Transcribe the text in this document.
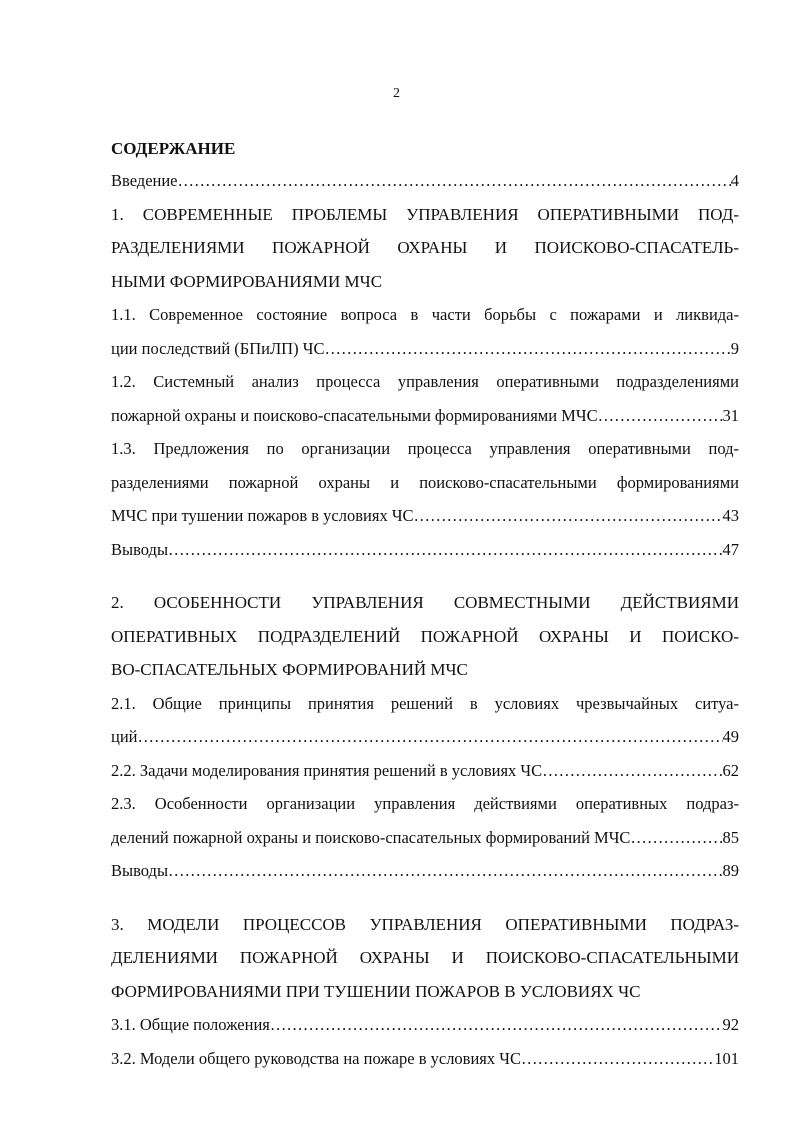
2
СОДЕРЖАНИЕ
Введение …………………………………………………………………………………………………………………………………………………………………………	4
1. СОВРЕМЕННЫЕ ПРОБЛЕМЫ УПРАВЛЕНИЯ ОПЕРАТИВНЫМИ ПОД-
РАЗДЕЛЕНИЯМИ ПОЖАРНОЙ ОХРАНЫ И ПОИСКОВО-СПАСАТЕЛЬ-
НЫМИ ФОРМИРОВАНИЯМИ МЧС
1.1. Современное состояние вопроса в части борьбы с пожарами и ликвида-
ции последствий (БПиЛП) ЧС …………………………………………………………………………………………………………………………………………………………………………	9
1.2. Системный анализ процесса управления оперативными подразделениями
пожарной охраны и поисково-спасательными формированиями МЧС …………………………………………………………………………………………………………………………………………………………………………	31
1.3. Предложения по организации процесса управления оперативными под-
разделениями пожарной охраны и поисково-спасательными формированиями
МЧС при тушении пожаров в условиях ЧС …………………………………………………………………………………………………………………………………………………………………………	43
Выводы …………………………………………………………………………………………………………………………………………………………………………	47
2. ОСОБЕННОСТИ УПРАВЛЕНИЯ СОВМЕСТНЫМИ ДЕЙСТВИЯМИ
ОПЕРАТИВНЫХ ПОДРАЗДЕЛЕНИЙ ПОЖАРНОЙ ОХРАНЫ И ПОИСКО-
ВО-СПАСАТЕЛЬНЫХ ФОРМИРОВАНИЙ МЧС
2.1. Общие принципы принятия решений в условиях чрезвычайных ситуа-
ций …………………………………………………………………………………………………………………………………………………………………………	49
2.2. Задачи моделирования принятия решений в условиях ЧС …………………………………………………………………………………………………………………………………………………………………………	62
2.3. Особенности организации управления действиями оперативных подраз-
делений пожарной охраны и поисково-спасательных формирований МЧС …………………………………………………………………………………………………………………………………………………………………………	85
Выводы …………………………………………………………………………………………………………………………………………………………………………	89
3. МОДЕЛИ ПРОЦЕССОВ УПРАВЛЕНИЯ ОПЕРАТИВНЫМИ ПОДРАЗ-
ДЕЛЕНИЯМИ ПОЖАРНОЙ ОХРАНЫ И ПОИСКОВО-СПАСАТЕЛЬНЫМИ
ФОРМИРОВАНИЯМИ ПРИ ТУШЕНИИ ПОЖАРОВ В УСЛОВИЯХ ЧС
3.1. Общие положения …………………………………………………………………………………………………………………………………………………………………………	92
3.2. Модели общего руководства на пожаре в условиях ЧС …………………………………………………………………………………………………………………………………………………………………………	101
